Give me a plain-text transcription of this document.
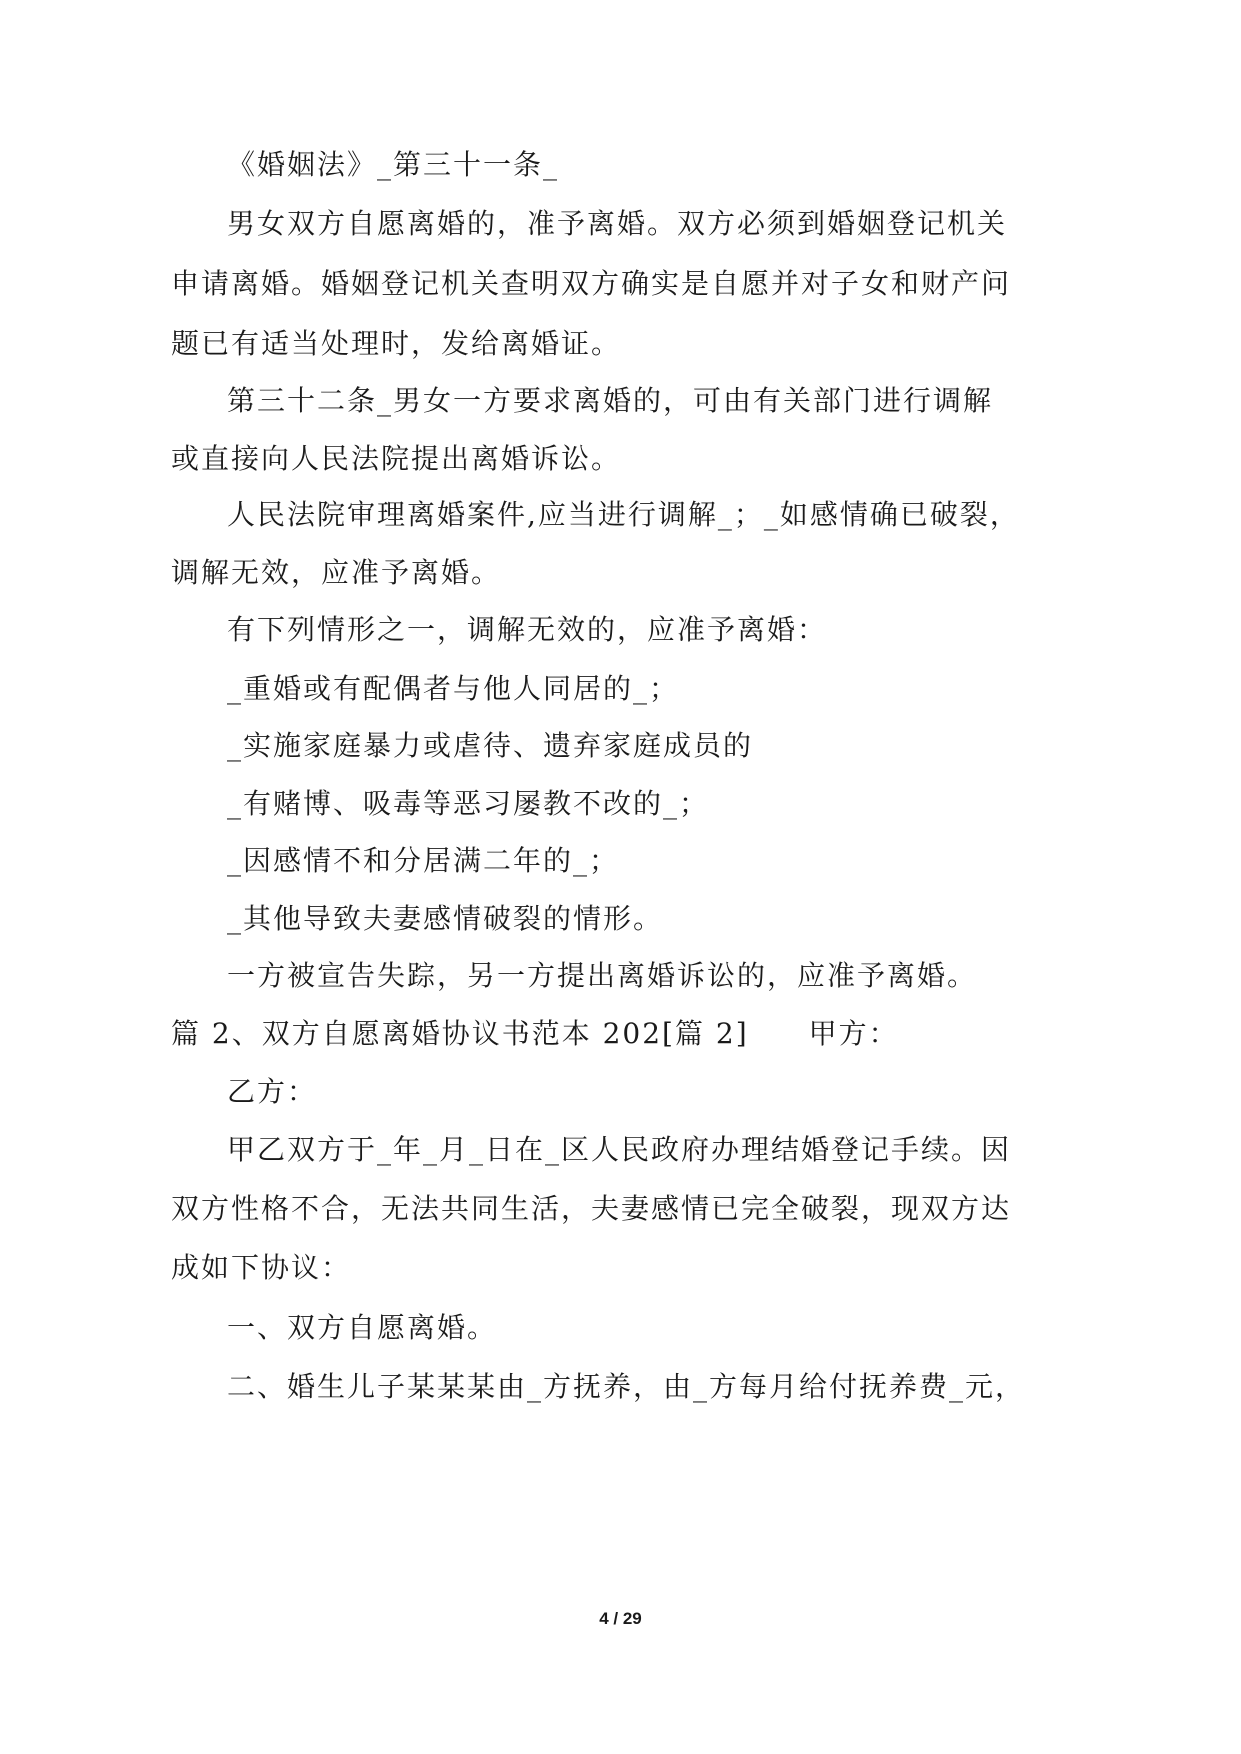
《婚姻法》_第三十一条_
男女双方自愿离婚的，准予离婚。双方必须到婚姻登记机关
申请离婚。婚姻登记机关查明双方确实是自愿并对子女和财产问
题已有适当处理时，发给离婚证。
第三十二条_男女一方要求离婚的，可由有关部门进行调解
或直接向人民法院提出离婚诉讼。
人民法院审理离婚案件,应当进行调解_；_如感情确已破裂，
调解无效，应准予离婚。
有下列情形之一，调解无效的，应准予离婚：
_重婚或有配偶者与他人同居的_；
_实施家庭暴力或虐待、遗弃家庭成员的
_有赌博、吸毒等恶习屡教不改的_；
_因感情不和分居满二年的_；
_其他导致夫妻感情破裂的情形。
一方被宣告失踪，另一方提出离婚诉讼的，应准予离婚。
篇 2、双方自愿离婚协议书范本 202[篇 2]　　甲方：
乙方：
甲乙双方于_年_月_日在_区人民政府办理结婚登记手续。因
双方性格不合，无法共同生活，夫妻感情已完全破裂，现双方达
成如下协议：
一、双方自愿离婚。
二、婚生儿子某某某由_方抚养，由_方每月给付抚养费_元，
4 / 29
